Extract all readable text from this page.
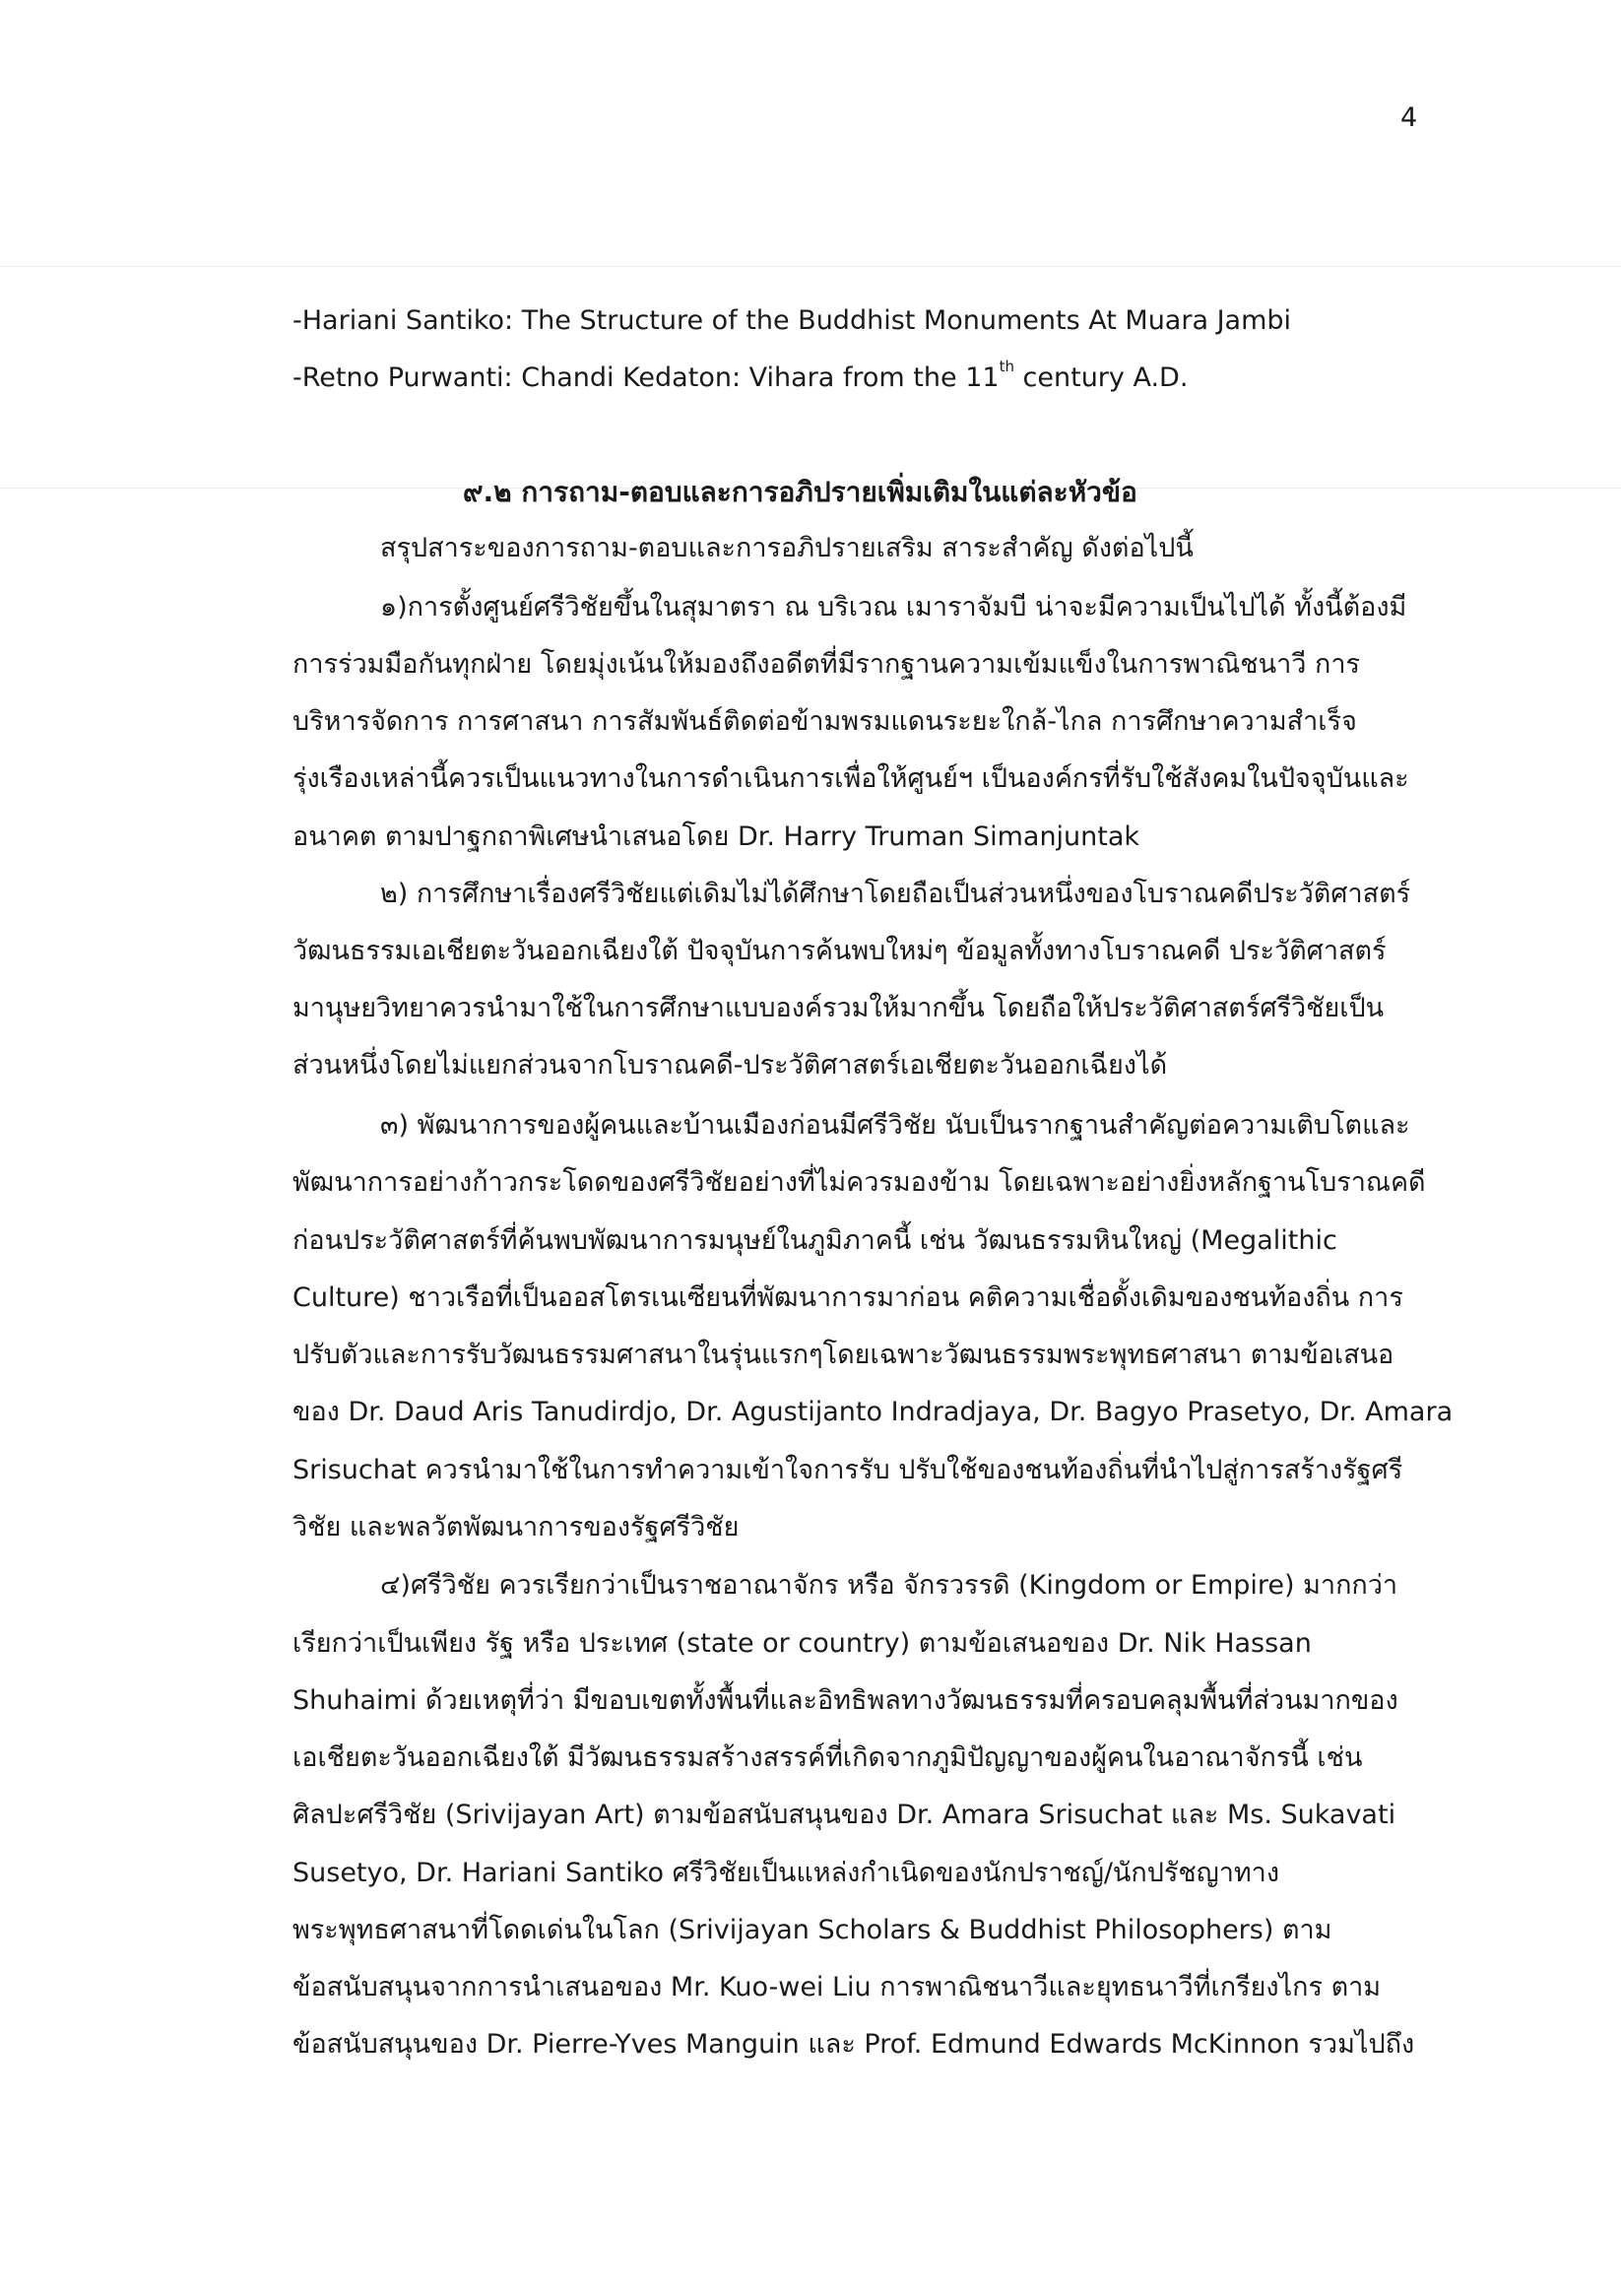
4
-Hariani Santiko: The Structure of the Buddhist Monuments At Muara Jambi
-Retno Purwanti: Chandi Kedaton: Vihara from the 11th century A.D.
๙.๒ การถาม-ตอบและการอภิปรายเพิ่มเติมในแต่ละหัวข้อ
สรุปสาระของการถาม-ตอบและการอภิปรายเสริม สาระสำคัญ ดังต่อไปนี้
๑)การตั้งศูนย์ศรีวิชัยขึ้นในสุมาตรา ณ บริเวณ เมาราจัมบี น่าจะมีความเป็นไปได้ ทั้งนี้ต้องมี
การร่วมมือกันทุกฝ่าย โดยมุ่งเน้นให้มองถึงอดีตที่มีรากฐานความเข้มแข็งในการพาณิชนาวี การ
บริหารจัดการ การศาสนา การสัมพันธ์ติดต่อข้ามพรมแดนระยะใกล้-ไกล การศึกษาความสำเร็จ
รุ่งเรืองเหล่านี้ควรเป็นแนวทางในการดำเนินการเพื่อให้ศูนย์ฯ เป็นองค์กรที่รับใช้สังคมในปัจจุบันและ
อนาคต ตามปาฐกถาพิเศษนำเสนอโดย Dr. Harry Truman Simanjuntak
๒) การศึกษาเรื่องศรีวิชัยแต่เดิมไม่ได้ศึกษาโดยถือเป็นส่วนหนึ่งของโบราณคดีประวัติศาสตร์
วัฒนธรรมเอเชียตะวันออกเฉียงใต้ ปัจจุบันการค้นพบใหม่ๆ ข้อมูลทั้งทางโบราณคดี ประวัติศาสตร์
มานุษยวิทยาควรนำมาใช้ในการศึกษาแบบองค์รวมให้มากขึ้น โดยถือให้ประวัติศาสตร์ศรีวิชัยเป็น
ส่วนหนึ่งโดยไม่แยกส่วนจากโบราณคดี-ประวัติศาสตร์เอเชียตะวันออกเฉียงได้
๓) พัฒนาการของผู้คนและบ้านเมืองก่อนมีศรีวิชัย นับเป็นรากฐานสำคัญต่อความเติบโตและ
พัฒนาการอย่างก้าวกระโดดของศรีวิชัยอย่างที่ไม่ควรมองข้าม โดยเฉพาะอย่างยิ่งหลักฐานโบราณคดี
ก่อนประวัติศาสตร์ที่ค้นพบพัฒนาการมนุษย์ในภูมิภาคนี้ เช่น วัฒนธรรมหินใหญ่ (Megalithic
Culture) ชาวเรือที่เป็นออสโตรเนเซียนที่พัฒนาการมาก่อน คติความเชื่อดั้งเดิมของชนท้องถิ่น การ
ปรับตัวและการรับวัฒนธรรมศาสนาในรุ่นแรกๆโดยเฉพาะวัฒนธรรมพระพุทธศาสนา ตามข้อเสนอ
ของ Dr. Daud Aris Tanudirdjo, Dr. Agustijanto Indradjaya, Dr. Bagyo Prasetyo, Dr. Amara
Srisuchat ควรนำมาใช้ในการทำความเข้าใจการรับ ปรับใช้ของชนท้องถิ่นที่นำไปสู่การสร้างรัฐศรี
วิชัย และพลวัตพัฒนาการของรัฐศรีวิชัย
๔)ศรีวิชัย ควรเรียกว่าเป็นราชอาณาจักร หรือ จักรวรรดิ (Kingdom or Empire) มากกว่า
เรียกว่าเป็นเพียง รัฐ หรือ ประเทศ (state or country) ตามข้อเสนอของ Dr. Nik Hassan
Shuhaimi ด้วยเหตุที่ว่า มีขอบเขตทั้งพื้นที่และอิทธิพลทางวัฒนธรรมที่ครอบคลุมพื้นที่ส่วนมากของ
เอเชียตะวันออกเฉียงใต้ มีวัฒนธรรมสร้างสรรค์ที่เกิดจากภูมิปัญญาของผู้คนในอาณาจักรนี้ เช่น
ศิลปะศรีวิชัย (Srivijayan Art) ตามข้อสนับสนุนของ Dr. Amara Srisuchat และ Ms. Sukavati
Susetyo, Dr. Hariani Santiko ศรีวิชัยเป็นแหล่งกำเนิดของนักปราชญ์/นักปรัชญาทาง
พระพุทธศาสนาที่โดดเด่นในโลก (Srivijayan Scholars & Buddhist Philosophers) ตาม
ข้อสนับสนุนจากการนำเสนอของ Mr. Kuo-wei Liu การพาณิชนาวีและยุทธนาวีที่เกรียงไกร ตาม
ข้อสนับสนุนของ Dr. Pierre-Yves Manguin และ Prof. Edmund Edwards McKinnon รวมไปถึง
